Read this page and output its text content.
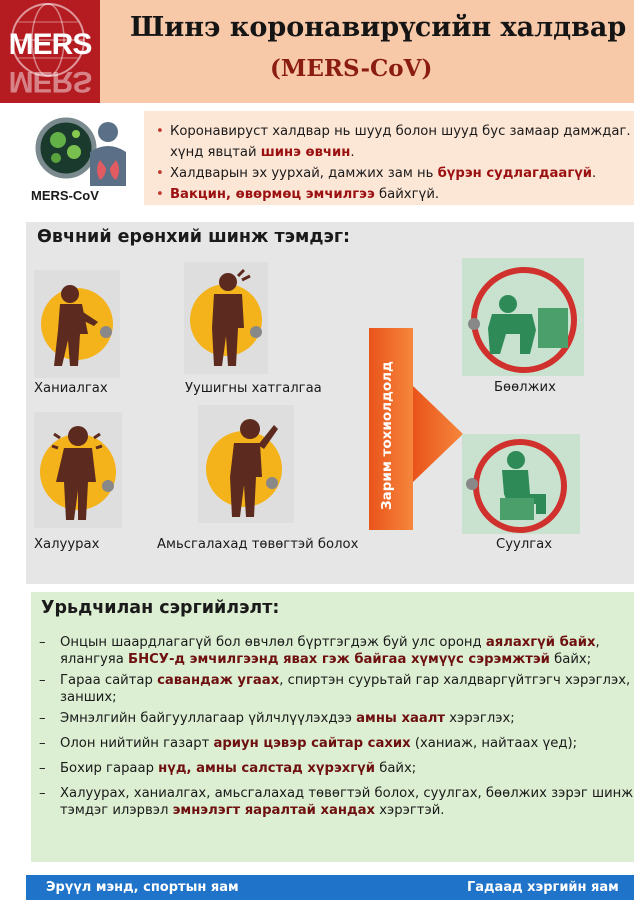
MERS
MERS
Шинэ коронавирүсийн халдвар
(MERS-CoV)
MERS-CoV
• Коронавируст халдвар нь шууд болон шууд бус замаар дамждаг.
хүнд явцтай шинэ өвчин.
• Халдварын эх уурхай, дамжих зам нь бүрэн судлагдаагүй.
• Вакцин, өвөрмөц эмчилгээ байхгүй.
Өвчний ерөнхий шинж тэмдэг:
Ханиалгах	Уушигны хатгалгаа
Халуурах	Амьсгалахад төвөгтэй болох
Бөөлжих
Суулгах
Урьдчилан сэргийлэлт:
– Онцын шаардлагагүй бол өвчлөл бүртгэгдэж буй улс оронд аялахгүй байх,
ялангуяа БНСУ-д эмчилгээнд явах гэж байгаа хүмүүс сэрэмжтэй байх;
– Гараа сайтар савандаж угаах, спиртэн суурьтай гар халдваргүйтгэгч хэрэглэх,
занших;
– Эмнэлгийн байгууллагаар үйлчлүүлэхдээ амны хаалт хэрэглэх;
– Олон нийтийн газарт ариун цэвэр сайтар сахих (ханиаж, найтаах үед);
– Бохир гараар нүд, амны салстад хүрэхгүй байх;
– Халуурах, ханиалгах, амьсгалахад төвөгтэй болох, суулгах, бөөлжих зэрэг шинж
тэмдэг илэрвэл эмнэлэгт яаралтай хандах хэрэгтэй.
Эрүүл мэнд, спортын яам	Гадаад хэргийн яам
